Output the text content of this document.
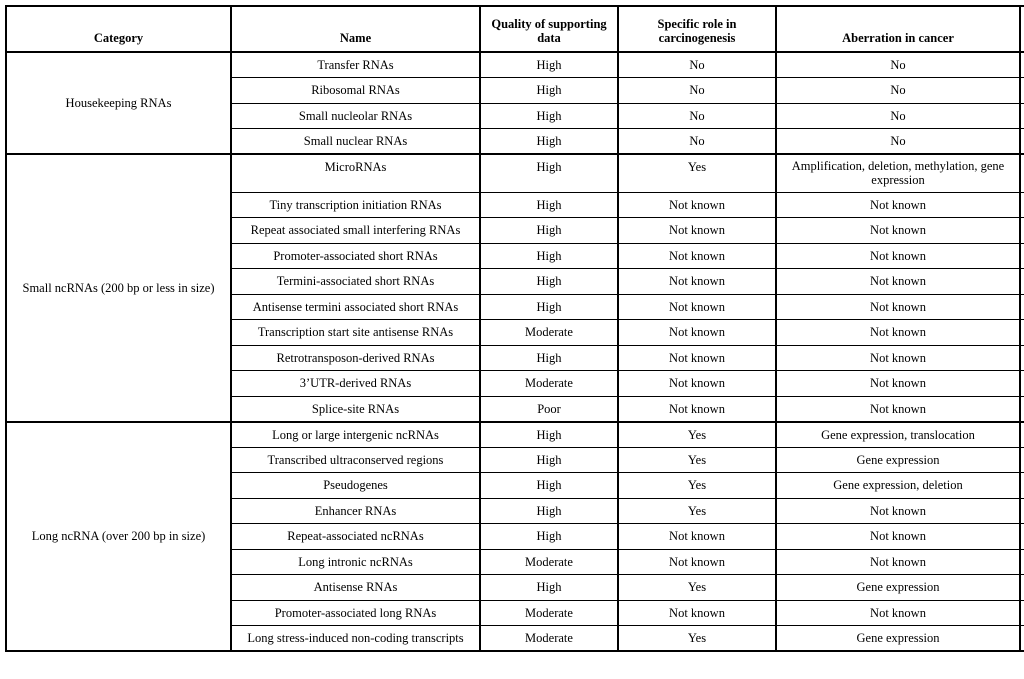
Category	Name	Quality of supporting data	Specific role in carcinogenesis	Aberration in cancer	
Housekeeping RNAs	Transfer RNAs	High	No	No	
	Ribosomal RNAs	High	No	No	
	Small nucleolar RNAs	High	No	No	
	Small nuclear RNAs	High	No	No	
Small ncRNAs (200 bp or less in size)	MicroRNAs	High	Yes	Amplification, deletion, methylation, gene expression	
	Tiny transcription initiation RNAs	High	Not known	Not known	
	Repeat associated small interfering RNAs	High	Not known	Not known	
	Promoter-associated short RNAs	High	Not known	Not known	
	Termini-associated short RNAs	High	Not known	Not known	
	Antisense termini associated short RNAs	High	Not known	Not known	
	Transcription start site antisense RNAs	Moderate	Not known	Not known	
	Retrotransposon-derived RNAs	High	Not known	Not known	
	3’UTR-derived RNAs	Moderate	Not known	Not known	
	Splice-site RNAs	Poor	Not known	Not known	
Long ncRNA (over 200 bp in size)	Long or large intergenic ncRNAs	High	Yes	Gene expression, translocation	
	Transcribed ultraconserved regions	High	Yes	Gene expression	
	Pseudogenes	High	Yes	Gene expression, deletion	
	Enhancer RNAs	High	Yes	Not known	
	Repeat-associated ncRNAs	High	Not known	Not known	
	Long intronic ncRNAs	Moderate	Not known	Not known	
	Antisense RNAs	High	Yes	Gene expression	
	Promoter-associated long RNAs	Moderate	Not known	Not known	
	Long stress-induced non-coding transcripts	Moderate	Yes	Gene expression	
